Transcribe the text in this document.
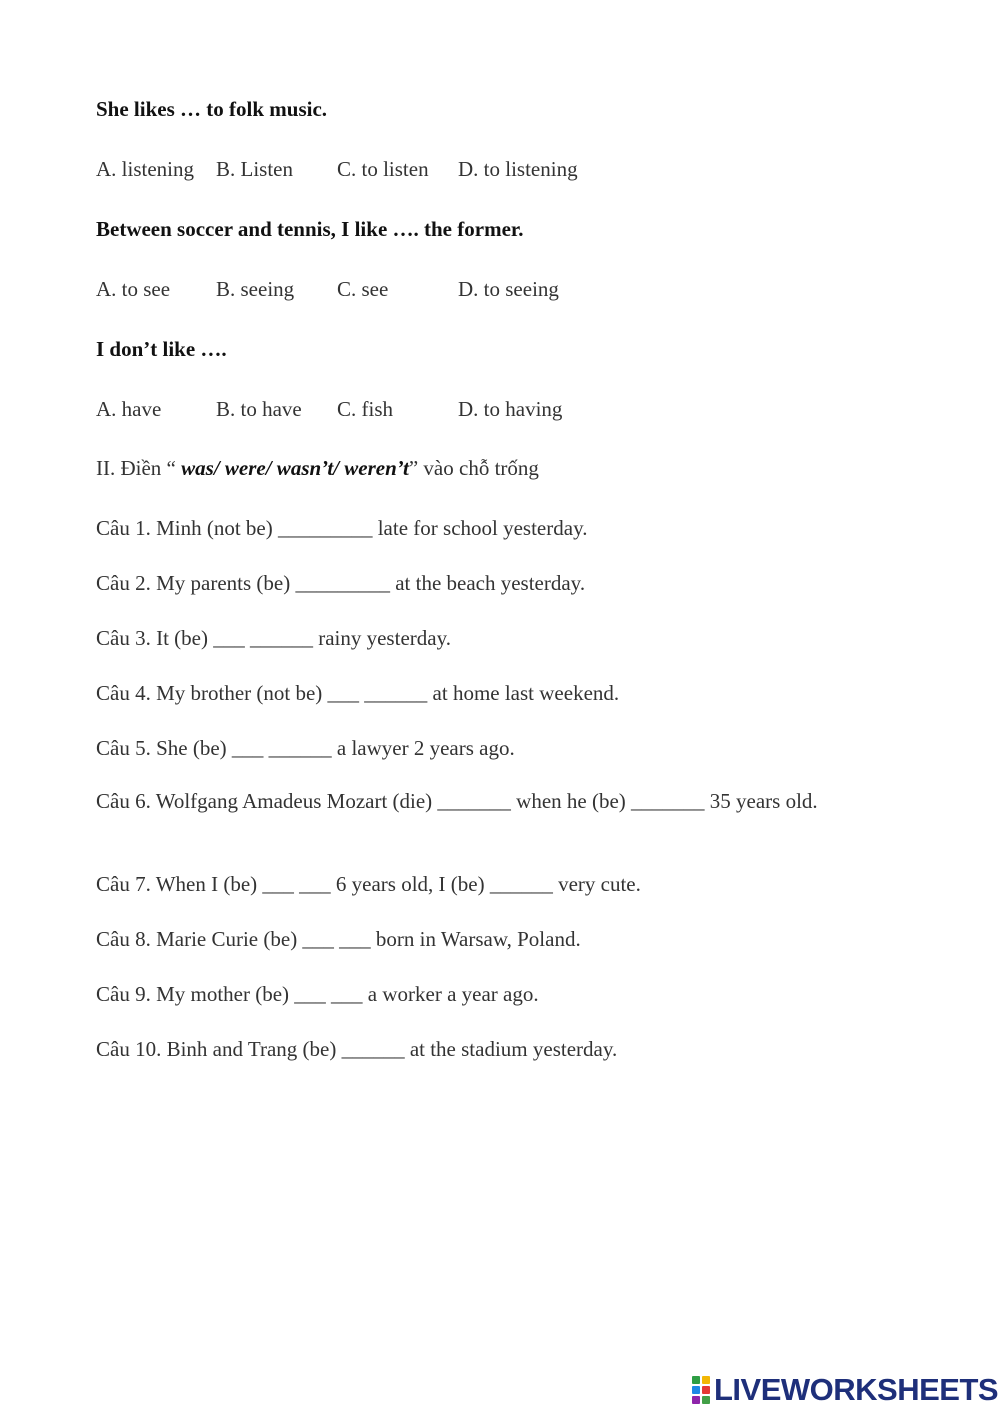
She likes … to folk music.
A. listening B. Listen C. to listen D. to listening
Between soccer and tennis, I like …. the former.
A. to see B. seeing C. see	D. to seeing
I don’t like ….
A. have	B. to have C. fish	D. to having
II. Điền “ was/ were/ wasn’t/ weren’t” vào chỗ trống
Câu 1. Minh (not be) _________ late for school yesterday.
Câu 2. My parents (be) _________ at the beach yesterday.
Câu 3. It (be) ___ ______ rainy yesterday.
Câu 4. My brother (not be) ___ ______ at home last weekend.
Câu 5. She (be) ___ ______ a lawyer 2 years ago.
Câu 6. Wolfgang Amadeus Mozart (die) _______ when he (be) _______ 35 years old.
Câu 7. When I (be) ___ ___ 6 years old, I (be) ______ very cute.
Câu 8. Marie Curie (be) ___ ___ born in Warsaw, Poland.
Câu 9. My mother (be) ___ ___ a worker a year ago.
Câu 10. Binh and Trang (be) ______ at the stadium yesterday.
LIVEWORKSHEETS
